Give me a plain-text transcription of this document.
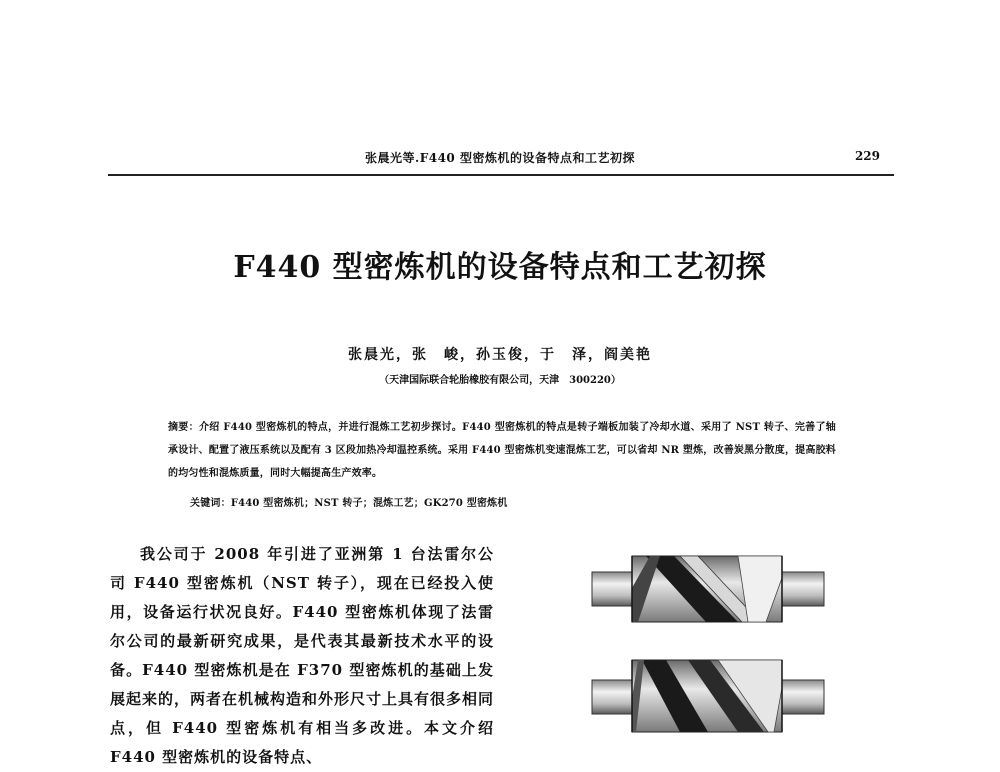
张晨光等.F440 型密炼机的设备特点和工艺初探	229
F440 型密炼机的设备特点和工艺初探
张晨光，张　峻，孙玉俊，于　泽，阎美艳
（天津国际联合轮胎橡胶有限公司，天津　300220）
摘要：介绍 F440 型密炼机的特点，并进行混炼工艺初步探讨。F440 型密炼机的特点是转子端板加装了冷却水道、采用了 NST 转子、完善了轴承设计、配置了液压系统以及配有 3 区段加热冷却温控系统。采用 F440 型密炼机变速混炼工艺，可以省却 NR 塑炼，改善炭黑分散度，提高胶料的均匀性和混炼质量，同时大幅提高生产效率。
关键词：F440 型密炼机；NST 转子；混炼工艺；GK270 型密炼机

我公司于 2008 年引进了亚洲第 1 台法雷尔公司 F440 型密炼机（NST 转子），现在已经投入使用，设备运行状况良好。F440 型密炼机体现了法雷尔公司的最新研究成果，是代表其最新技术水平的设备。F440 型密炼机是在 F370 型密炼机的基础上发展起来的，两者在机械构造和外形尺寸上具有很多相同点，但 F440 型密炼机有相当多改进。本文介绍 F440 型密炼机的设备特点、
